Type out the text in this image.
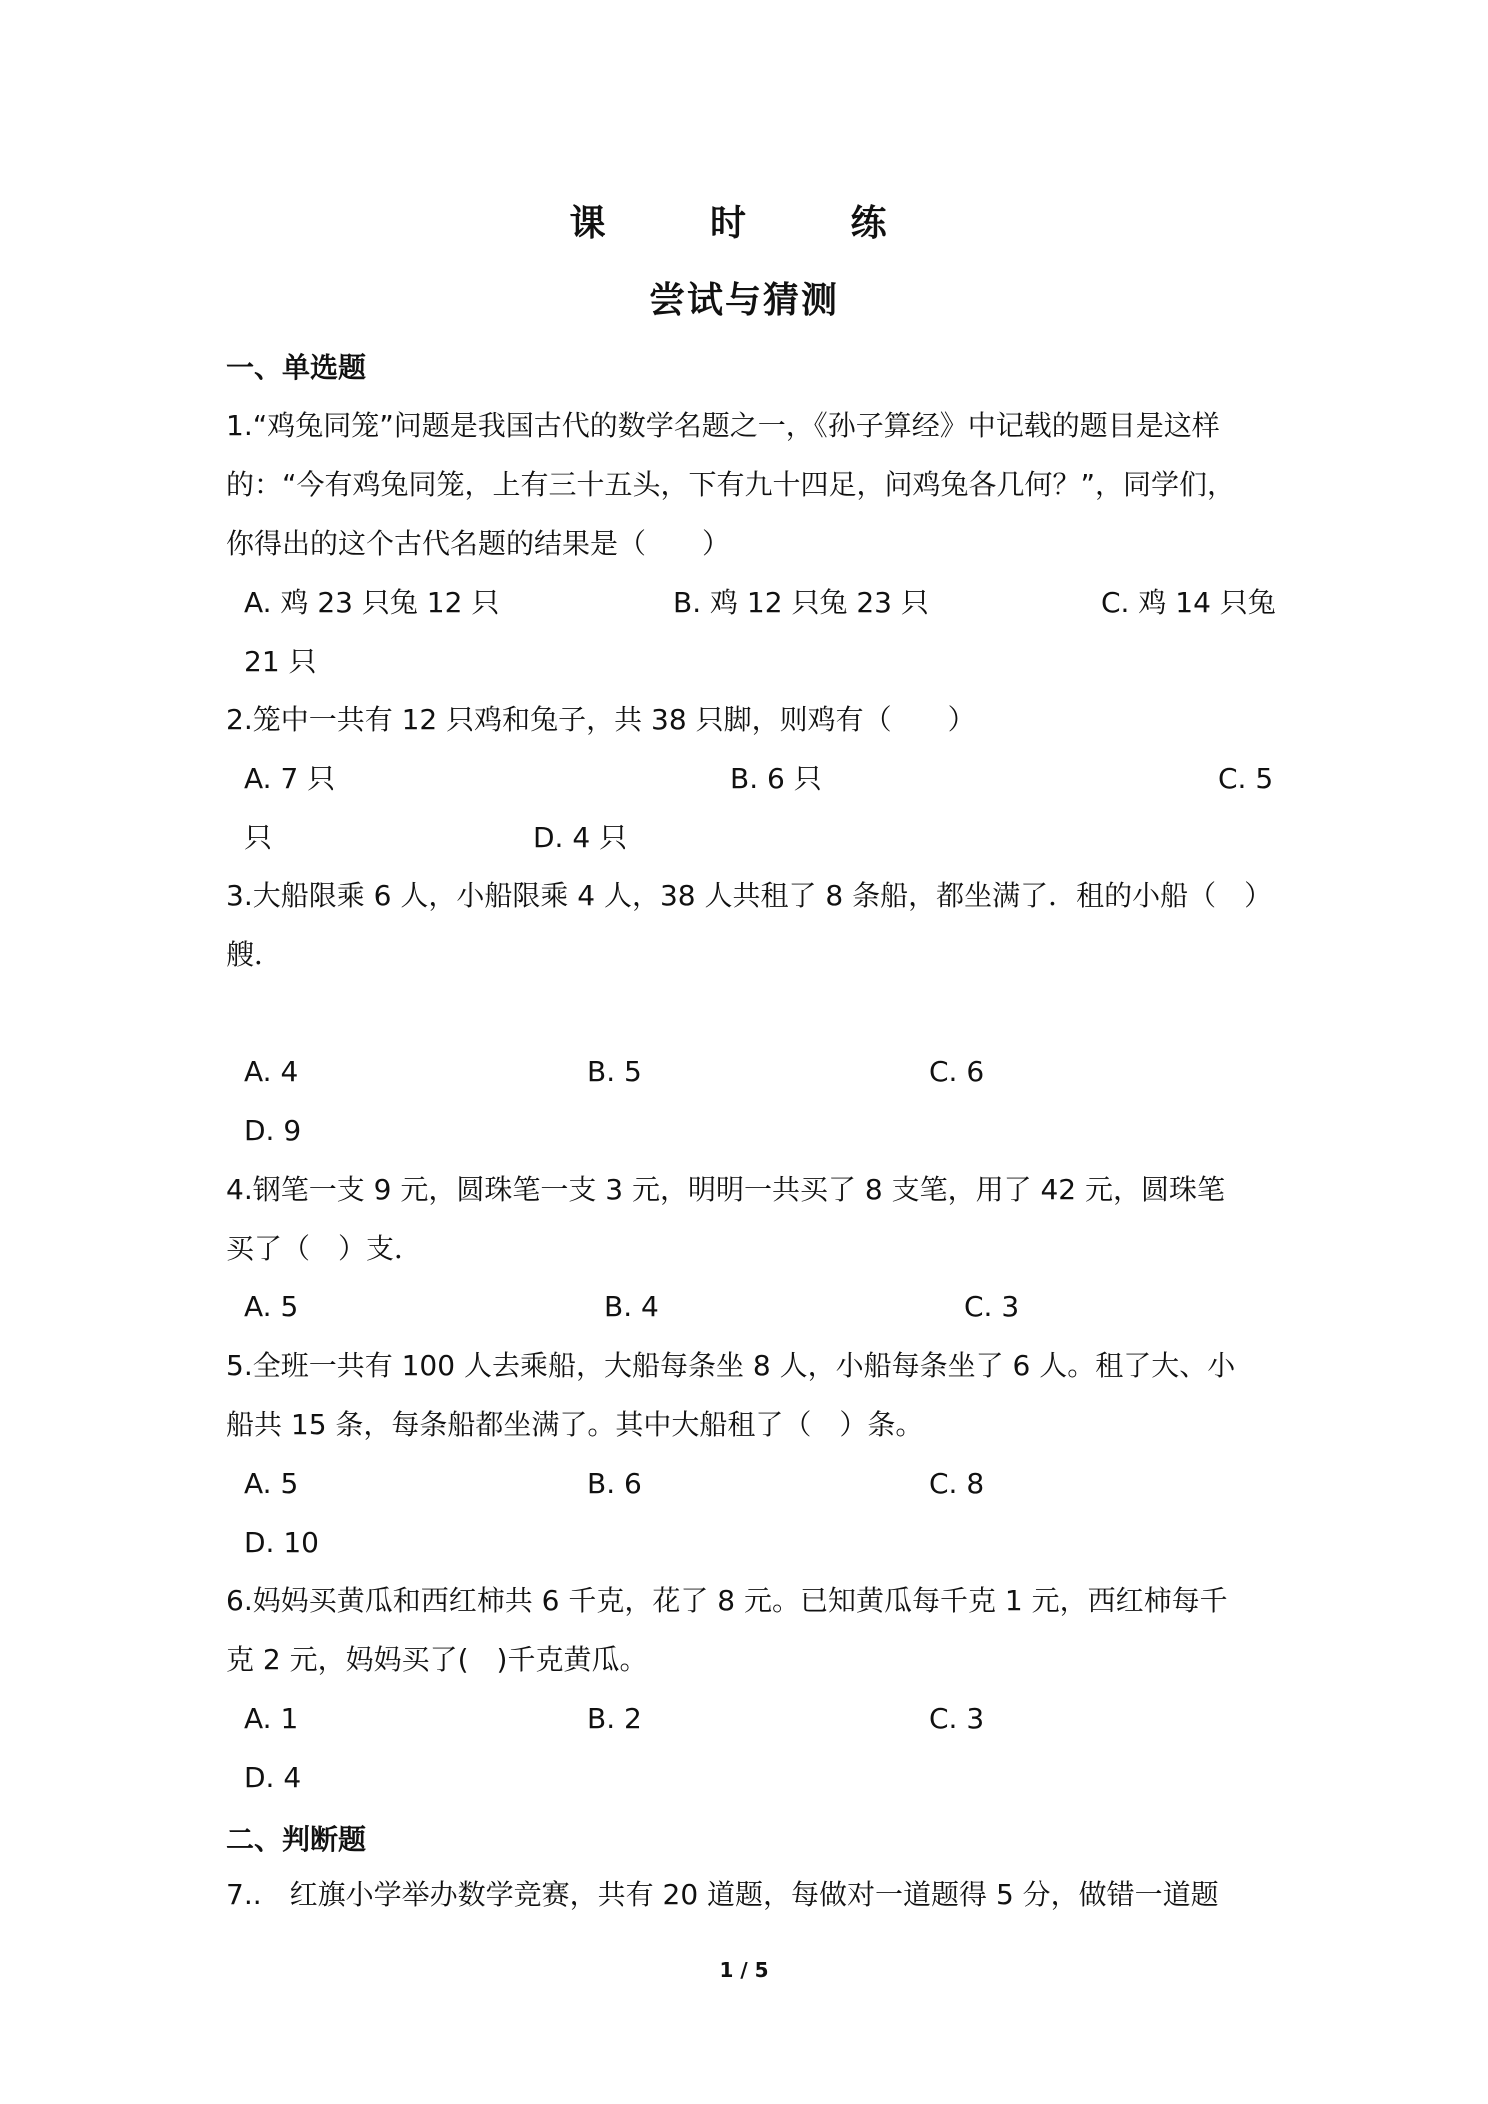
课 时 练
尝试与猜测
一、单选题
1.“鸡兔同笼”问题是我国古代的数学名题之一，《孙子算经》中记载的题目是这样
的：“今有鸡兔同笼，上有三十五头，下有九十四足，问鸡兔各几何？”，同学们，
你得出的这个古代名题的结果是（　　）
A. 鸡 23 只兔 12 只	B. 鸡 12 只兔 23 只	C. 鸡 14 只兔
21 只
2.笼中一共有 12 只鸡和兔子，共 38 只脚，则鸡有（　　）
A. 7 只	B. 6 只	C. 5
只	D. 4 只
3.大船限乘 6 人，小船限乘 4 人，38 人共租了 8 条船，都坐满了．租的小船（　）
艘．
A. 4	B. 5	C. 6
D. 9
4.钢笔一支 9 元，圆珠笔一支 3 元，明明一共买了 8 支笔，用了 42 元，圆珠笔
买了（　）支．
A. 5	B. 4	C. 3
5.全班一共有 100 人去乘船，大船每条坐 8 人，小船每条坐了 6 人。租了大、小
船共 15 条，每条船都坐满了。其中大船租了（　）条。
A. 5	B. 6	C. 8
D. 10
6.妈妈买黄瓜和西红柿共 6 千克，花了 8 元。已知黄瓜每千克 1 元，西红柿每千
克 2 元，妈妈买了(　)千克黄瓜。
A. 1	B. 2	C. 3
D. 4
二、判断题
7..　红旗小学举办数学竞赛，共有 20 道题，每做对一道题得 5 分，做错一道题
1 / 5
